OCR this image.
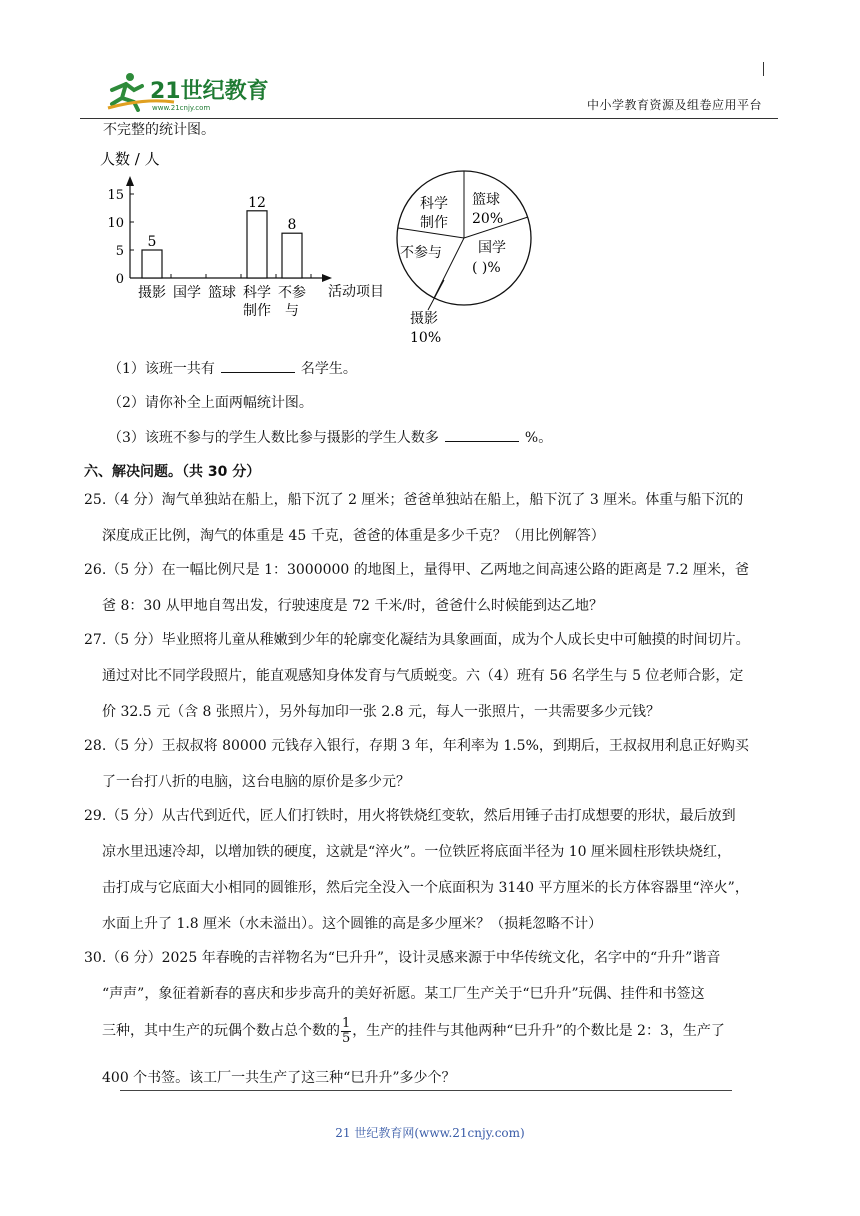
21世纪教育
www.21cnjy.com	中小学教育资源及组卷应用平台
不完整的统计图。
人数 / 人
15
10
5
0
5
12
8
摄影 国学 篮球 科学
制作
不参
与
活动项目
科学
制作
篮球
20%
国学
( )%
不参与
摄影
10%
（1）该班一共有	名学生。
（2）请你补全上面两幅统计图。
（3）该班不参与的学生人数比参与摄影的学生人数多	%。
六、解决问题。（共 30 分）
25.（4 分）淘气单独站在船上，船下沉了 2 厘米；爸爸单独站在船上，船下沉了 3 厘米。体重与船下沉的
深度成正比例，淘气的体重是 45 千克，爸爸的体重是多少千克？（用比例解答）
26.（5 分）在一幅比例尺是 1：3000000 的地图上，量得甲、乙两地之间高速公路的距离是 7.2 厘米，爸
爸 8：30 从甲地自驾出发，行驶速度是 72 千米/时，爸爸什么时候能到达乙地？
27.（5 分）毕业照将儿童从稚嫩到少年的轮廓变化凝结为具象画面，成为个人成长史中可触摸的时间切片。
通过对比不同学段照片，能直观感知身体发育与气质蜕变。六（4）班有 56 名学生与 5 位老师合影，定
价 32.5 元（含 8 张照片），另外每加印一张 2.8 元，每人一张照片，一共需要多少元钱？
28.（5 分）王叔叔将 80000 元钱存入银行，存期 3 年，年利率为 1.5%，到期后，王叔叔用利息正好购买
了一台打八折的电脑，这台电脑的原价是多少元？
29.（5 分）从古代到近代，匠人们打铁时，用火将铁烧红变软，然后用锤子击打成想要的形状，最后放到
凉水里迅速冷却，以增加铁的硬度，这就是“淬火”。一位铁匠将底面半径为 10 厘米圆柱形铁块烧红，
击打成与它底面大小相同的圆锥形，然后完全没入一个底面积为 3140 平方厘米的长方体容器里“淬火”，
水面上升了 1.8 厘米（水未溢出）。这个圆锥的高是多少厘米？（损耗忽略不计）
30.（6 分）2025 年春晚的吉祥物名为“巳升升”，设计灵感来源于中华传统文化，名字中的“升升”谐音
“声声”，象征着新春的喜庆和步步高升的美好祈愿。某工厂生产关于“巳升升”玩偶、挂件和书签这
三种，其中生产的玩偶个数占总个数的 $\frac{1}{5}$ ，生产的挂件与其他两种“巳升升”的个数比是 2：3，生产了
400 个书签。该工厂一共生产了这三种“巳升升”多少个？
21 世纪教育网(www.21cnjy.com)
